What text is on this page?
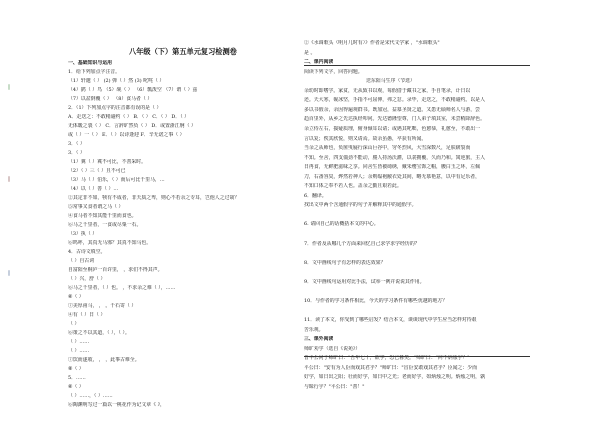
八年级（下）第五单元复习检测卷
一、基础知识与运用
1．给下列加点字注音。
（1）轩邈（ ） (2) 弹（ ）然 (3) 叱咤（ ）
（4）鹍（ ）鸟 （5）觇（ ） （6）瓢泼空 （7）谓（ ）兹
（7）以盆倒覆（ ） （8）食马者（ ）
2．（1）下列加点字的注音都有误的是（ ）
A．走送之：不敢稍逾约（ ） B．（ ） C．（ ） D．（ ）
无体暖之裘（ ） C．言辞旷然负（ ） D．或置浙江舸（ ）
或（ ）一（ ） E．（ ）以诗逢迎 F．辛无诺之事（ ）
3．（ ）
3．（ ）
（1）翼（ ）冀不可比，不善采时。
（2）（ ）三（ ）且不可已
（3）马（ ）伯乐，（ ）而后可比千里马，…
（4）以（ ）善（ ）…
②其定非不如，犊有不成者，非天质之卑，则心不若余之专耳，岂他人之过哉？
⑤常事又食者谓之马（ ）
④食马者不知其能千里而食也。
⑥马之千里者，一食或尽粟一石。
（3）执（ ）
⑥呜呼，其真无马邪？其真不知马也。
4．古诗文填空。
（ ）自古词
自富阳至桐庐一百许里， ，求们不得其声。
（ ）兴，舒（ ）
⑥马之千里者，（ ）也。 ，不求余之难（ ），……
⑥（ ）
⑦美厚甫马， ， 。千石寄（ ）
④有（ ）日（ ）
（ ）
⑥策之不以其道，（ ），（ ）。
（ ）……
（ ）……
⑦饮而遂收， ， ，此事古难全。
⑧（ ）
5．……
⑥（ ）
（ ）……，（ ）……
⑥陶渊明写过一篇以一桃花作为记文章《 》，
②《水调歌头（明月几时有）》作者是宋代文学家 ，"水调歌头"
是 。
二、课内阅读
阅读下列文字，回答问题。
送东阳马生序（节选）
余幼时即嗜学。家贫，无从致书以观，每假借于藏书之家，手自笔录，计日以
还。天大寒，砚冰坚，手指不可屈伸，弗之怠。录毕，走送之，不敢稍逾约。以是人
多以书假余，余因得遍观群书。既加冠，益慕圣贤之道。又患无硕师名人与游，尝
趋百里外，从乡之先达执经叩问。先达德隆望尊，门人弟子填其室，未尝稍降辞色。
余立侍左右，援疑质理，俯身倾耳以请；或遇其叱咄，色愈恭，礼愈至，不敢出一
言以复；俟其欣悦，则又请焉。故余虽愚，卒获有所闻。
当余之从师也，负箧曳屣行深山巨谷中，穷冬烈风，大雪深数尺，足肤皲裂而
不知。至舍，四支僵劲不能动，媵人持汤沃灌，以衾拥覆，久而乃和。寓逆旅，主人
日再食，无鲜肥滋味之享。同舍生皆被绮绣，戴朱缨宝饰之帽，腰白玉之环，左佩
刀，右备容臭，烨然若神人；余则缊袍敝衣处其间，略无慕艳意，以中有足乐者，
不知口体之奉不若人也。盖余之勤且艰若此。
6．翻译。
找出文中两个含通假字的句子并解释其中的通假字。
6. 请回自己的话概括本文的中心。
7．作者及从哪几个方面来回忆自己求学求学经历的？
8．文中画线句子有怎样的表达效果？
9．文中画线句运用对比手法，试举一例并说说其作用。
10．与作者的学习条件相比，今天的学习条件有哪些优越的地方？
11．读了本文，你受到了哪些启发？结合本文，谈谈现代中学生应当怎样对待艰
苦乐观。
三、课外阅读
师旷劝学（选自《说苑》）
晋平公问于师旷曰："吾年七十，欲学，恐已暮矣。"师旷曰："何不炳烛乎？"
平公曰："安有为人臣而戏其君乎？"师旷曰："盲臣安敢戏其君乎？臣闻之：少而
好学，如日出之阳；壮而好学，如日中之光；老而好学，如炳烛之明。炳烛之明，孰
与昧行乎？"平公曰："善！"
